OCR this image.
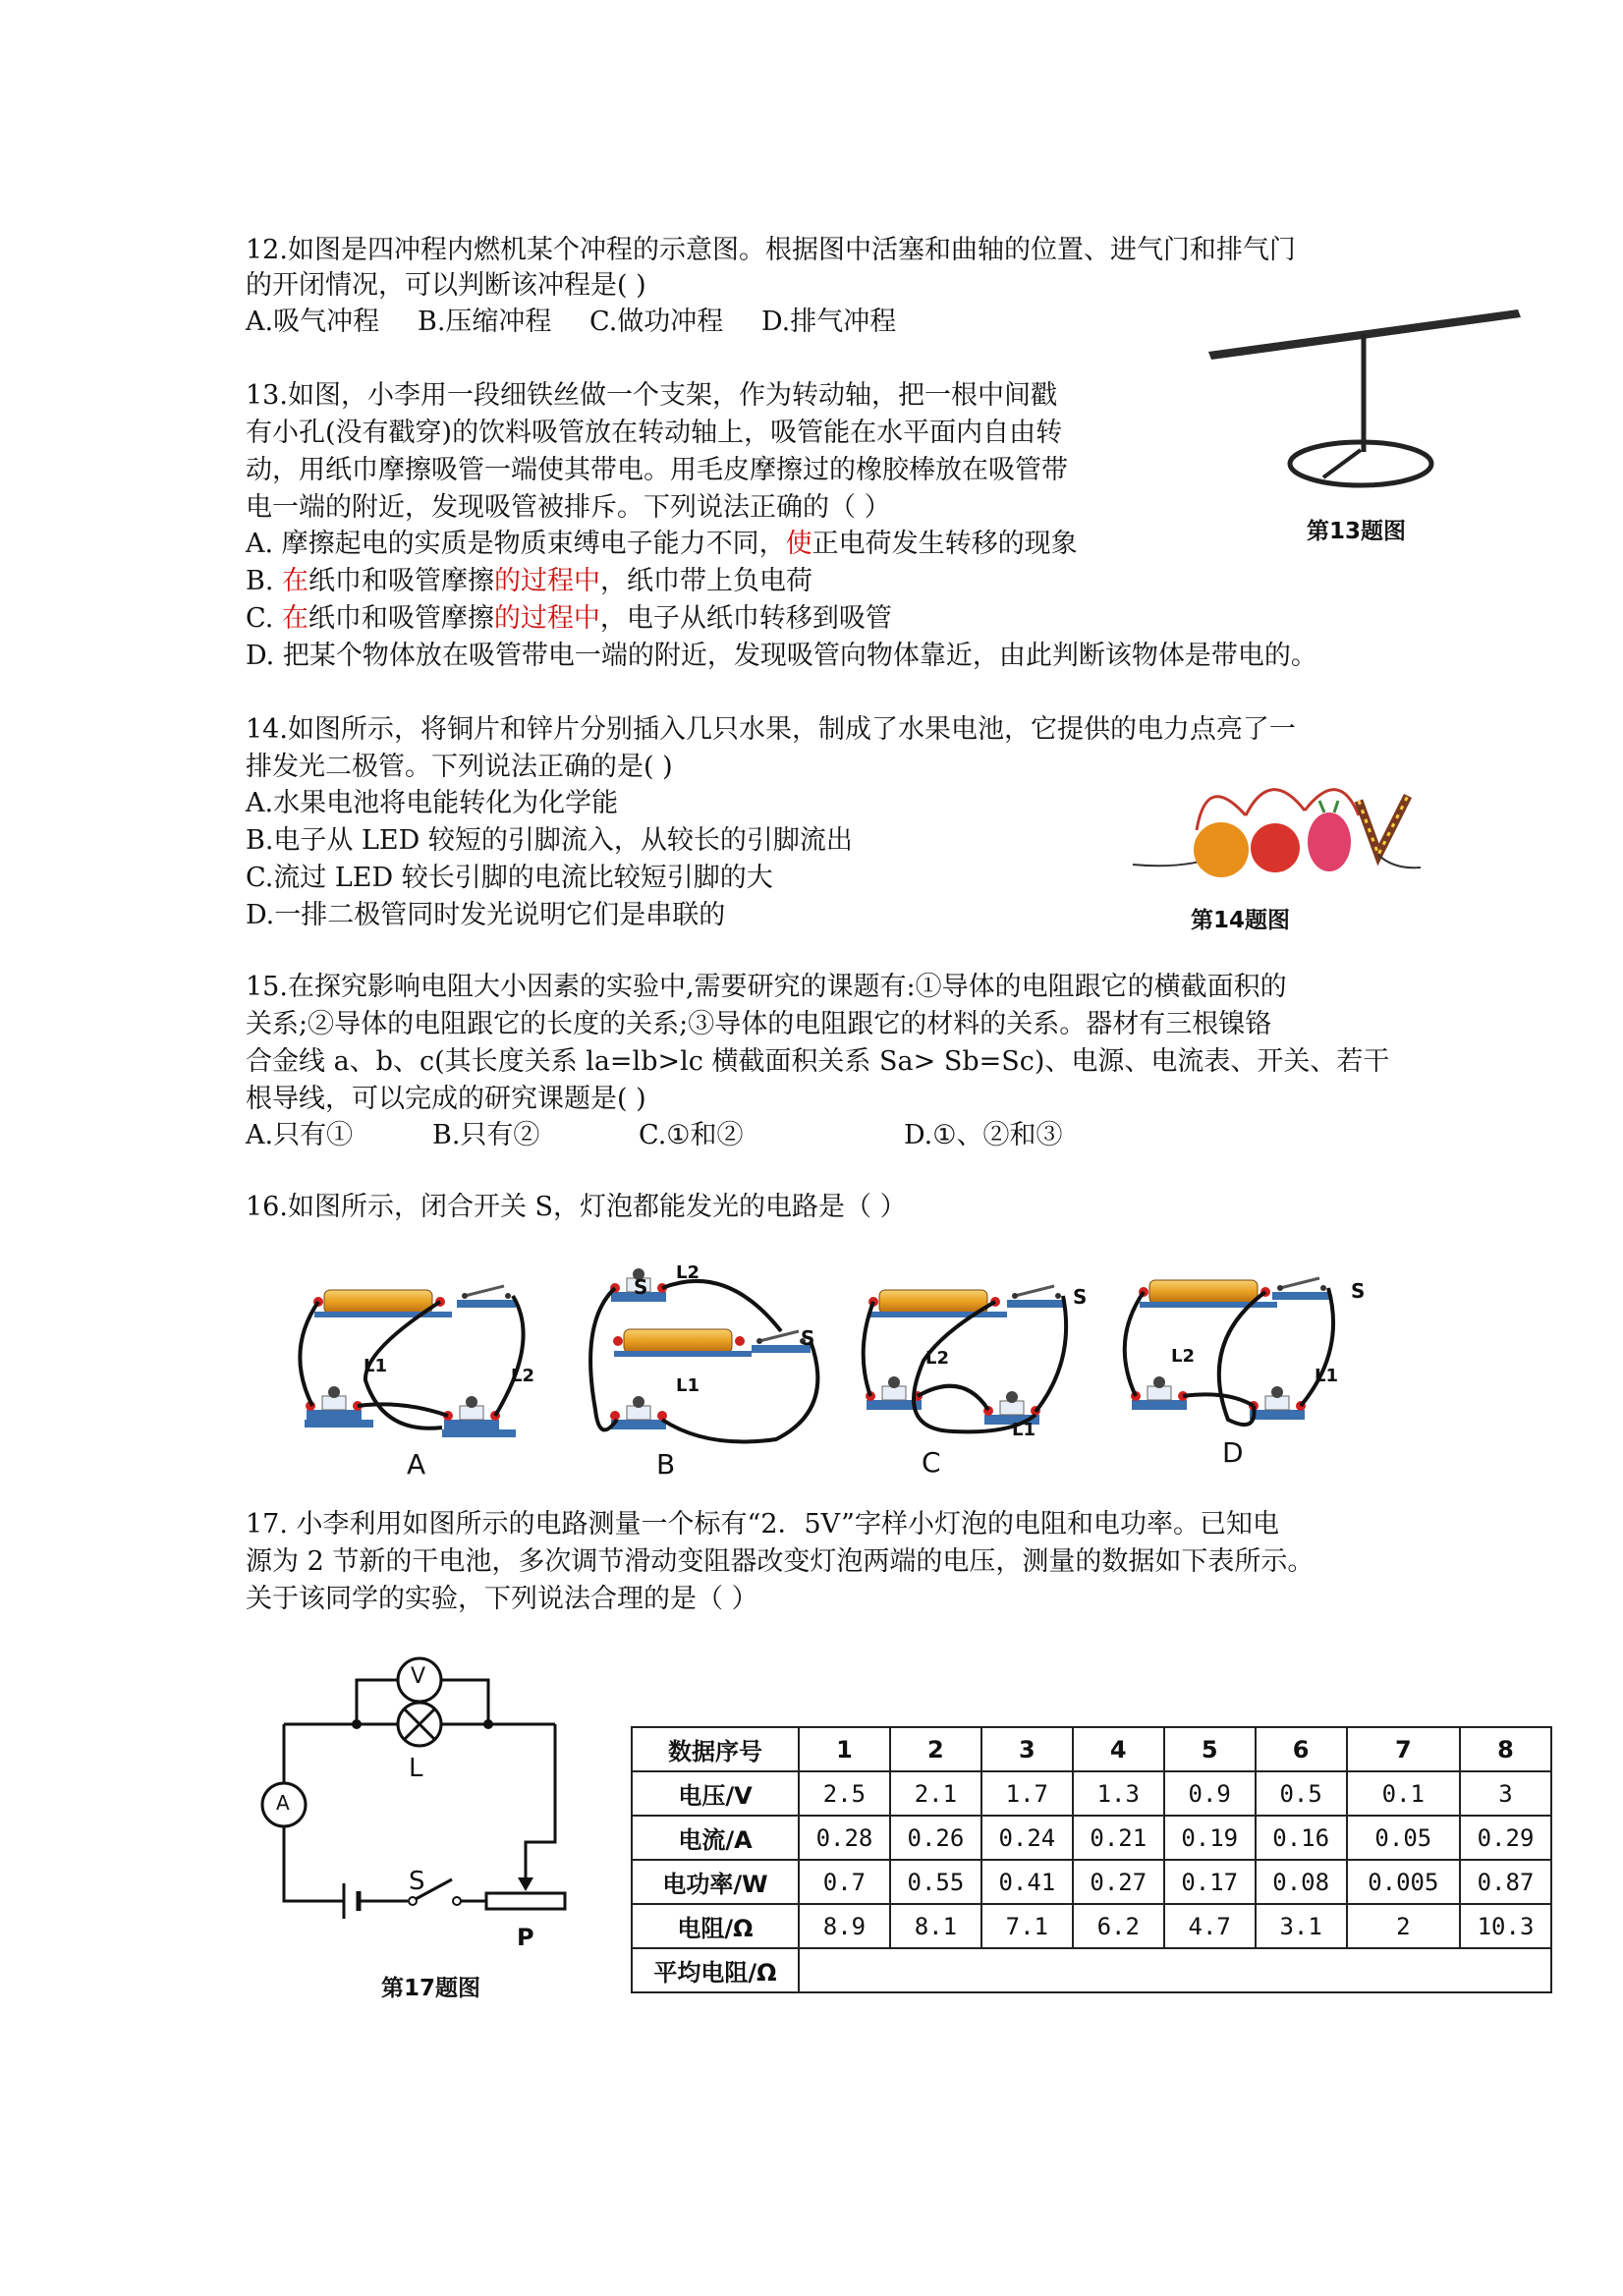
12.如图是四冲程内燃机某个冲程的示意图。根据图中活塞和曲轴的位置、进气门和排气门
的开闭情况，可以判断该冲程是( )
A.吸气冲程 B.压缩冲程 C.做功冲程 D.排气冲程
第13题图
13.如图，小李用一段细铁丝做一个支架，作为转动轴，把一根中间戳
有小孔(没有戳穿)的饮料吸管放在转动轴上，吸管能在水平面内自由转
动，用纸巾摩擦吸管一端使其带电。用毛皮摩擦过的橡胶棒放在吸管带
电一端的附近，发现吸管被排斥。下列说法正确的（ ）
A. 摩擦起电的实质是物质束缚电子能力不同，使正电荷发生转移的现象
B. 在纸巾和吸管摩擦的过程中，纸巾带上负电荷
C. 在纸巾和吸管摩擦的过程中，电子从纸巾转移到吸管
D. 把某个物体放在吸管带电一端的附近，发现吸管向物体靠近，由此判断该物体是带电的。
14.如图所示，将铜片和锌片分别插入几只水果，制成了水果电池，它提供的电力点亮了一
排发光二极管。下列说法正确的是( )
A.水果电池将电能转化为化学能
B.电子从 LED 较短的引脚流入，从较长的引脚流出
C.流过 LED 较长引脚的电流比较短引脚的大
D.一排二极管同时发光说明它们是串联的	第14题图
15.在探究影响电阻大小因素的实验中,需要研究的课题有:①导体的电阻跟它的横截面积的
关系;②导体的电阻跟它的长度的关系;③导体的电阻跟它的材料的关系。器材有三根镍铬
合金线 a、b、c(其长度关系 la=lb>lc 横截面积关系 Sa> Sb=Sc)、电源、电流表、开关、若干
根导线，可以完成的研究课题是( )
A.只有①	B.只有②	C.①和②	D.①、②和③
16.如图所示，闭合开关 S，灯泡都能发光的电路是（ ）
S
L1	L2
L2
S
L1
S
L2
L1
S
L2
L1
A	B	C	D
17. 小李利用如图所示的电路测量一个标有“2．5V”字样小灯泡的电阻和电功率。已知电
源为 2 节新的干电池，多次调节滑动变阻器改变灯泡两端的电压，测量的数据如下表所示。
关于该同学的实验，下列说法合理的是（ ）
V
L
A
S
P
第17题图
数据序号	1	2	3	4	5	6	7	8
电压/V	2.5	2.1	1.7	1.3	0.9	0.5	0.1	3
电流/A	0.28	0.26	0.24	0.21	0.19	0.16	0.05	0.29
电功率/W	0.7	0.55	0.41	0.27	0.17	0.08	0.005	0.87
电阻/Ω	8.9	8.1	7.1	6.2	4.7	3.1	2	10.3
平均电阻/Ω								
